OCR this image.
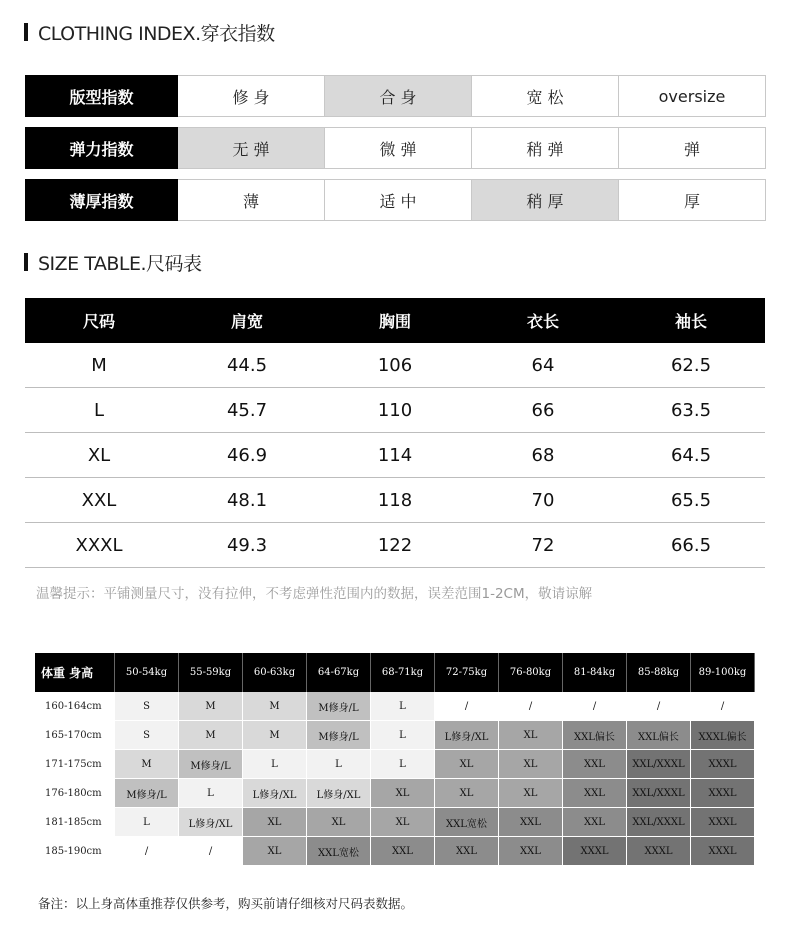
CLOTHING INDEX.穿衣指数
版型指数	修 身	合 身	宽 松	oversize
弹力指数	无 弹	微 弹	稍 弹	弹
薄厚指数	薄	适 中	稍 厚	厚
SIZE TABLE.尺码表
尺码	肩宽	胸围	衣长	袖长
M	44.5	106	64	62.5
L	45.7	110	66	63.5
XL	46.9	114	68	64.5
XXL	48.1	118	70	65.5
XXXL	49.3	122	72	66.5
温馨提示：平铺测量尺寸，没有拉伸，不考虑弹性范围内的数据，误差范围1-2CM，敬请谅解
体重 身高	50-54kg	55-59kg	60-63kg	64-67kg	68-71kg	72-75kg	76-80kg	81-84kg	85-88kg	89-100kg
160-164cm	S	M	M	M修身/L	L	/	/	/	/	/
165-170cm	S	M	M	M修身/L	L	L修身/XL	XL	XXL偏长	XXL偏长	XXXL偏长
171-175cm	M	M修身/L	L	L	L	XL	XL	XXL	XXL/XXXL	XXXL
176-180cm	M修身/L	L	L修身/XL	L修身/XL	XL	XL	XL	XXL	XXL/XXXL	XXXL
181-185cm	L	L修身/XL	XL	XL	XL	XXL宽松	XXL	XXL	XXL/XXXL	XXXL
185-190cm	/	/	XL	XXL宽松	XXL	XXL	XXL	XXXL	XXXL	XXXL
备注：以上身高体重推荐仅供参考，购买前请仔细核对尺码表数据。
